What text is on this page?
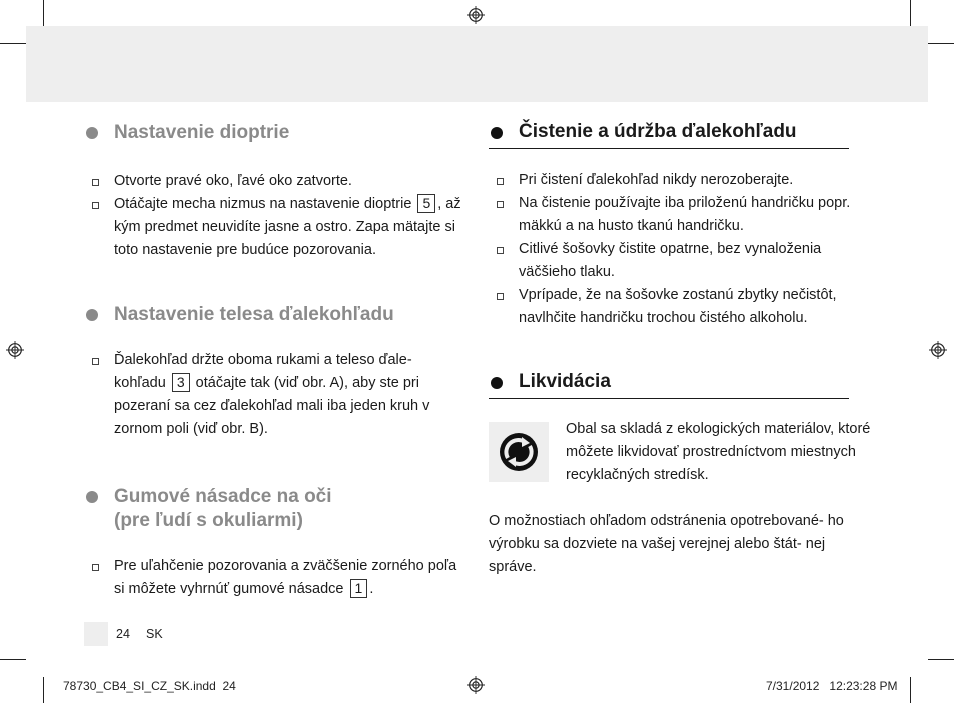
Nastavenie dioptrie
Otvorte pravé oko, ľavé oko zatvorte.
Otáčajte mecha nizmus na nastavenie dioptrie 5 , až kým predmet neuvidíte jasne a ostro. Zapa mätajte si toto nastavenie pre budúce pozorovania.
Nastavenie telesa ďalekohľadu
Ďalekohľad držte oboma rukami a teleso ďale- kohľadu 3 otáčajte tak (viď obr. A), aby ste pri pozeraní sa cez ďalekohľad mali iba jeden kruh v zornom poli (viď obr. B).
Gumové násadce na oči
(pre ľudí s okuliarmi)
Pre uľahčenie pozorovania a zväčšenie zorného poľa si môžete vyhrnúť gumové násadce 1 .
Čistenie a údržba ďalekohľadu
Pri čistení ďalekohľad nikdy nerozoberajte.
Na čistenie používajte iba priloženú handričku popr. mäkkú a na husto tkanú handričku.
Citlivé šošovky čistite opatrne, bez vynaloženia väčšieho tlaku.
Vprípade, že na šošovke zostanú zbytky nečistôt, navlhčite handričku trochou čistého alkoholu.
Likvidácia
Obal sa skladá z ekologických materiálov, ktoré môžete likvidovať prostredníctvom miestnych recyklačných stredísk.
O možnostiach ohľadom odstránenia opotrebované- ho výrobku sa dozviete na vašej verejnej alebo štát- nej správe.
24 SK
78730_CB4_SI_CZ_SK.indd 24	7/31/2012 12:23:28 PM
